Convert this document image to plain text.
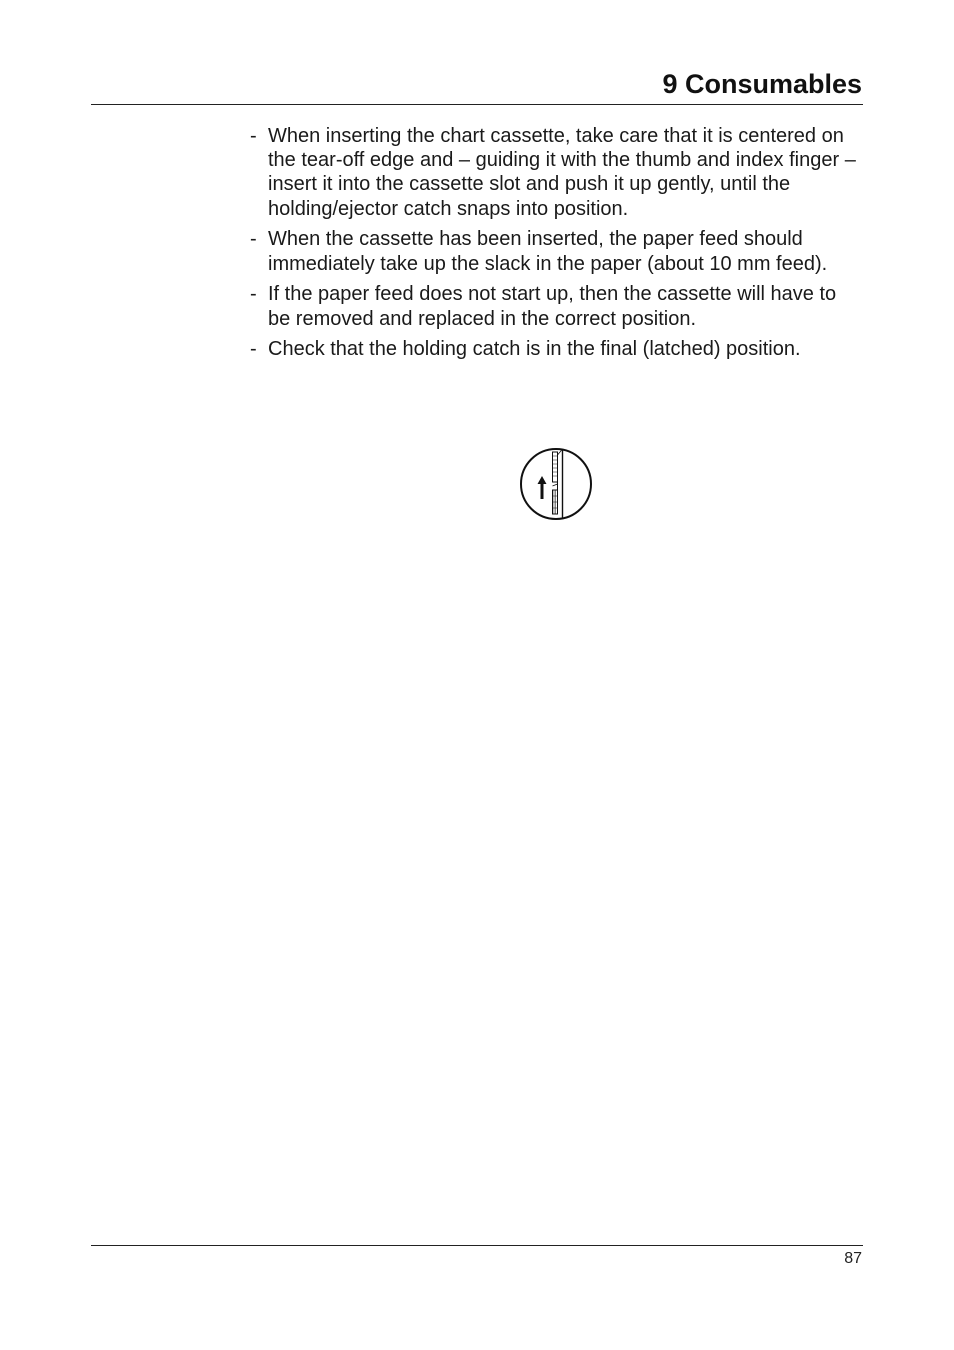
9 Consumables
- When inserting the chart cassette, take care that it is centered on the tear-off edge and – guiding it with the thumb and index finger – insert it into the cassette slot and push it up gently, until the holding/ejector catch snaps into position.
- When the cassette has been inserted, the paper feed should immediately take up the slack in the paper (about 10 mm feed).
- If the paper feed does not start up, then the cassette will have to be removed and replaced in the correct position.
- Check that the holding catch is in the final (latched) position.
87
